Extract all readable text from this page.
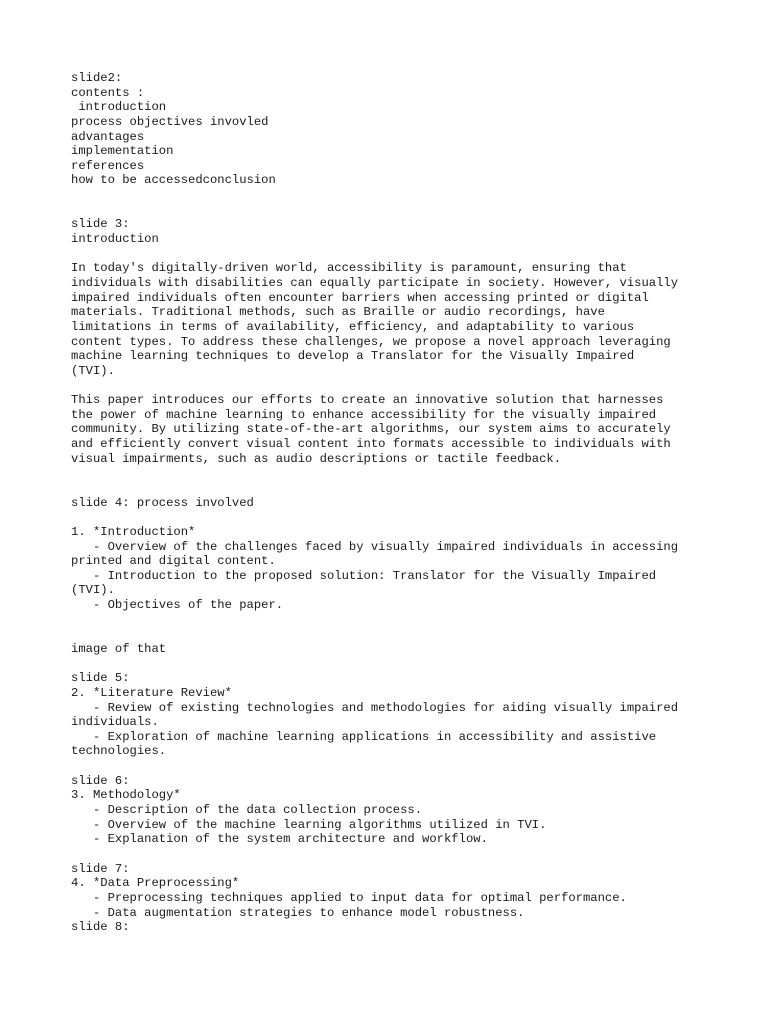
slide2:
contents :
introduction
process objectives invovled
advantages
implementation
references
how to be accessedconclusion
slide 3:
introduction
In today's digitally-driven world, accessibility is paramount, ensuring that
individuals with disabilities can equally participate in society. However, visually
impaired individuals often encounter barriers when accessing printed or digital
materials. Traditional methods, such as Braille or audio recordings, have
limitations in terms of availability, efficiency, and adaptability to various
content types. To address these challenges, we propose a novel approach leveraging
machine learning techniques to develop a Translator for the Visually Impaired
(TVI).
This paper introduces our efforts to create an innovative solution that harnesses
the power of machine learning to enhance accessibility for the visually impaired
community. By utilizing state-of-the-art algorithms, our system aims to accurately
and efficiently convert visual content into formats accessible to individuals with
visual impairments, such as audio descriptions or tactile feedback.
slide 4: process involved
1. *Introduction*
- Overview of the challenges faced by visually impaired individuals in accessing
printed and digital content.
- Introduction to the proposed solution: Translator for the Visually Impaired
(TVI).
- Objectives of the paper.
image of that
slide 5:
2. *Literature Review*
- Review of existing technologies and methodologies for aiding visually impaired
individuals.
- Exploration of machine learning applications in accessibility and assistive
technologies.
slide 6:
3. Methodology*
- Description of the data collection process.
- Overview of the machine learning algorithms utilized in TVI.
- Explanation of the system architecture and workflow.
slide 7:
4. *Data Preprocessing*
- Preprocessing techniques applied to input data for optimal performance.
- Data augmentation strategies to enhance model robustness.
slide 8:
